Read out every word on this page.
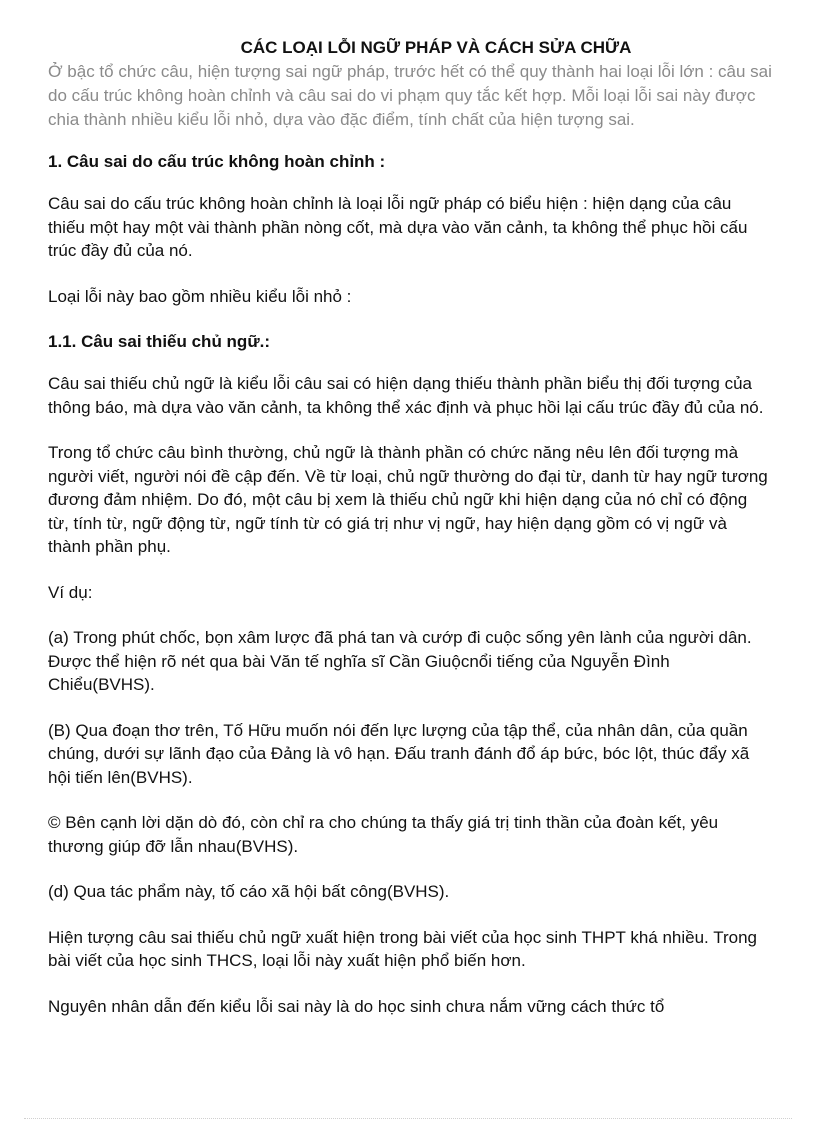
CÁC LOẠI LỖI NGỮ PHÁP VÀ CÁCH SỬA CHỮA

Ở bậc tổ chức câu, hiện tượng sai ngữ pháp, trước hết có thể quy thành hai loại lỗi lớn : câu sai do cấu trúc không hoàn chỉnh và câu sai do vi phạm quy tắc kết hợp. Mỗi loại lỗi sai này được chia thành nhiều kiểu lỗi nhỏ, dựa vào đặc điểm, tính chất của hiện tượng sai.

1. Câu sai do cấu trúc không hoàn chỉnh :

Câu sai do cấu trúc không hoàn chỉnh là loại lỗi ngữ pháp có biểu hiện : hiện dạng của câu thiếu một hay một vài thành phần nòng cốt, mà dựa vào văn cảnh, ta không thể phục hồi cấu trúc đầy đủ của nó.

Loại lỗi này bao gồm nhiều kiểu lỗi nhỏ :

1.1. Câu sai thiếu chủ ngữ.:

Câu sai thiếu chủ ngữ là kiểu lỗi câu sai có hiện dạng thiếu thành phần biểu thị đối tượng của thông báo, mà dựa vào văn cảnh, ta không thể xác định và phục hồi lại cấu trúc đầy đủ của nó.

Trong tổ chức câu bình thường, chủ ngữ là thành phần có chức năng nêu lên đối tượng mà người viết, người nói đề cập đến. Về từ loại, chủ ngữ thường do đại từ, danh từ hay ngữ tương đương đảm nhiệm. Do đó, một câu bị xem là thiếu chủ ngữ khi hiện dạng của nó chỉ có động từ, tính từ, ngữ động từ, ngữ tính từ có giá trị như vị ngữ, hay hiện dạng gồm có vị ngữ và thành phần phụ.

Ví dụ:

(a) Trong phút chốc, bọn xâm lược đã phá tan và cướp đi cuộc sống yên lành của người dân. Được thể hiện rõ nét qua bài Văn tế nghĩa sĩ Cần Giuộcnổi tiếng của Nguyễn Đình Chiểu(BVHS).

(B) Qua đoạn thơ trên, Tố Hữu muốn nói đến lực lượng của tập thể, của nhân dân, của quần chúng, dưới sự lãnh đạo của Đảng là vô hạn. Đấu tranh đánh đổ áp bức, bóc lột, thúc đẩy xã hội tiến lên(BVHS).

© Bên cạnh lời dặn dò đó, còn chỉ ra cho chúng ta thấy giá trị tinh thần của đoàn kết, yêu thương giúp đỡ lẫn nhau(BVHS).

(d) Qua tác phẩm này, tố cáo xã hội bất công(BVHS).

Hiện tượng câu sai thiếu chủ ngữ xuất hiện trong bài viết của học sinh THPT khá nhiều. Trong bài viết của học sinh THCS, loại lỗi này xuất hiện phổ biến hơn.

Nguyên nhân dẫn đến kiểu lỗi sai này là do học sinh chưa nắm vững cách thức tổ
